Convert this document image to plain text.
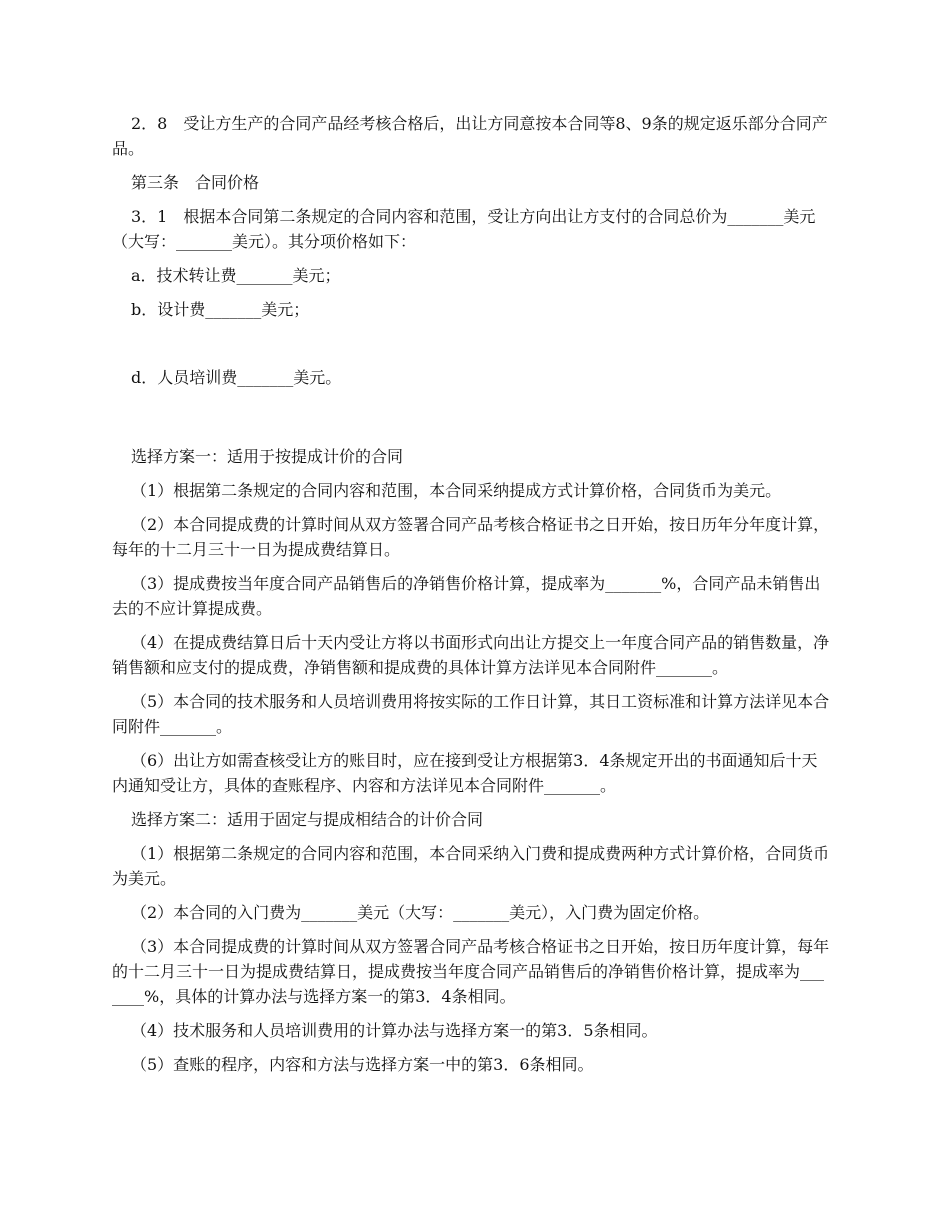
2．8　受让方生产的合同产品经考核合格后，出让方同意按本合同等8、9条的规定返乐部分合同产品。

第三条　合同价格

3．1　根据本合同第二条规定的合同内容和范围，受让方向出让方支付的合同总价为_______美元（大写：_______美元）。其分项价格如下：

a．技术转让费_______美元；

b．设计费_______美元；

d．人员培训费_______美元。

选择方案一：适用于按提成计价的合同

（1）根据第二条规定的合同内容和范围，本合同采纳提成方式计算价格，合同货币为美元。

（2）本合同提成费的计算时间从双方签署合同产品考核合格证书之日开始，按日历年分年度计算，每年的十二月三十一日为提成费结算日。

（3）提成费按当年度合同产品销售后的净销售价格计算，提成率为_______%，合同产品未销售出去的不应计算提成费。

（4）在提成费结算日后十天内受让方将以书面形式向出让方提交上一年度合同产品的销售数量，净销售额和应支付的提成费，净销售额和提成费的具体计算方法详见本合同附件_______。

（5）本合同的技术服务和人员培训费用将按实际的工作日计算，其日工资标准和计算方法详见本合同附件_______。

（6）出让方如需查核受让方的账目时，应在接到受让方根据第3．4条规定开出的书面通知后十天内通知受让方，具体的查账程序、内容和方法详见本合同附件_______。

选择方案二：适用于固定与提成相结合的计价合同

（1）根据第二条规定的合同内容和范围，本合同采纳入门费和提成费两种方式计算价格，合同货币为美元。

（2）本合同的入门费为_______美元（大写：_______美元），入门费为固定价格。

（3）本合同提成费的计算时间从双方签署合同产品考核合格证书之日开始，按日历年度计算，每年的十二月三十一日为提成费结算日，提成费按当年度合同产品销售后的净销售价格计算，提成率为_______%，具体的计算办法与选择方案一的第3．4条相同。

（4）技术服务和人员培训费用的计算办法与选择方案一的第3．5条相同。

（5）查账的程序，内容和方法与选择方案一中的第3．6条相同。
